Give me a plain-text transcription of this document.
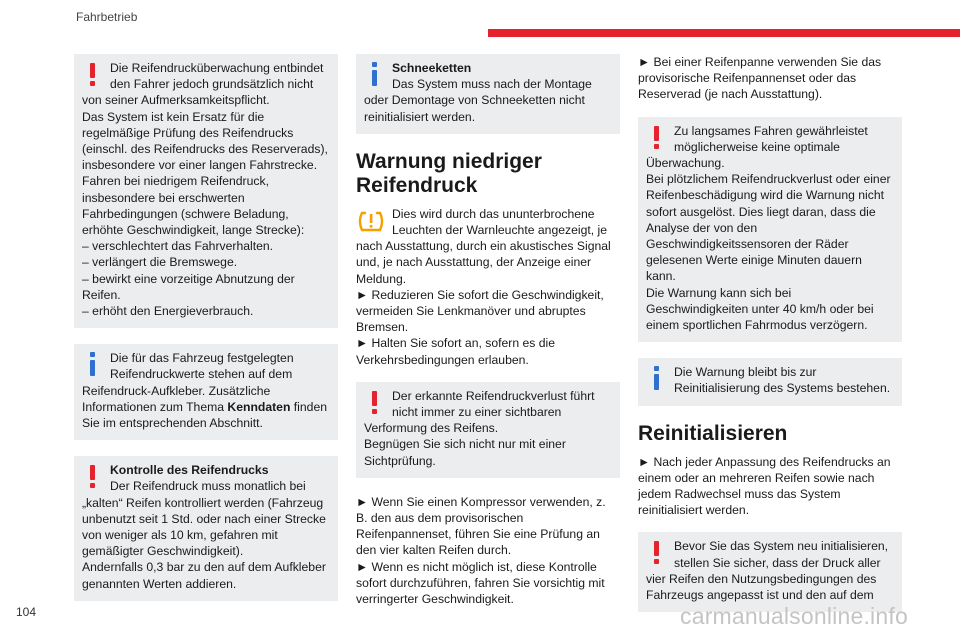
Fahrbetrieb

Die Reifendrucküberwachung entbindet den Fahrer jedoch grundsätzlich nicht von seiner Aufmerksamkeitspflicht.

Das System ist kein Ersatz für die regelmäßige Prüfung des Reifendrucks (einschl. des Reifendrucks des Reserverads), insbesondere vor einer langen Fahrstrecke.

Fahren bei niedrigem Reifendruck, insbesondere bei erschwerten Fahrbedingungen (schwere Beladung, erhöhte Geschwindigkeit, lange Strecke):

– verschlechtert das Fahrverhalten.

– verlängert die Bremswege.

– bewirkt eine vorzeitige Abnutzung der Reifen.

– erhöht den Energieverbrauch.

Die für das Fahrzeug festgelegten Reifendruckwerte stehen auf dem Reifendruck-Aufkleber. Zusätzliche Informationen zum Thema Kenndaten finden Sie im entsprechenden Abschnitt.

Kontrolle des Reifendrucks

Der Reifendruck muss monatlich bei „kalten“ Reifen kontrolliert werden (Fahrzeug unbenutzt seit 1 Std. oder nach einer Strecke von weniger als 10 km, gefahren mit gemäßigter Geschwindigkeit).

Andernfalls 0,3 bar zu den auf dem Aufkleber genannten Werten addieren.

Schneeketten

Das System muss nach der Montage oder Demontage von Schneeketten nicht reinitialisiert werden.

Warnung niedriger Reifendruck
Dies wird durch das ununterbrochene Leuchten der Warnleuchte angezeigt, je nach Ausstattung, durch ein akustisches Signal und, je nach Ausstattung, der Anzeige einer Meldung.

► Reduzieren Sie sofort die Geschwindigkeit, vermeiden Sie Lenkmanöver und abruptes Bremsen.

► Halten Sie sofort an, sofern es die Verkehrsbedingungen erlauben.

Der erkannte Reifendruckverlust führt nicht immer zu einer sichtbaren Verformung des Reifens.

Begnügen Sie sich nicht nur mit einer Sichtprüfung.

► Wenn Sie einen Kompressor verwenden, z. B. den aus dem provisorischen Reifenpannenset, führen Sie eine Prüfung an den vier kalten Reifen durch.

► Wenn es nicht möglich ist, diese Kontrolle sofort durchzuführen, fahren Sie vorsichtig mit verringerter Geschwindigkeit.

► Bei einer Reifenpanne verwenden Sie das provisorische Reifenpannenset oder das Reserverad (je nach Ausstattung).

Zu langsames Fahren gewährleistet möglicherweise keine optimale Überwachung.

Bei plötzlichem Reifendruckverlust oder einer Reifenbeschädigung wird die Warnung nicht sofort ausgelöst. Dies liegt daran, dass die Analyse der von den Geschwindigkeitssensoren der Räder gelesenen Werte einige Minuten dauern kann.

Die Warnung kann sich bei Geschwindigkeiten unter 40 km/h oder bei einem sportlichen Fahrmodus verzögern.

Die Warnung bleibt bis zur Reinitialisierung des Systems bestehen.

Reinitialisieren

► Nach jeder Anpassung des Reifendrucks an einem oder an mehreren Reifen sowie nach jedem Radwechsel muss das System reinitialisiert werden.

Bevor Sie das System neu initialisieren, stellen Sie sicher, dass der Druck aller vier Reifen den Nutzungsbedingungen des Fahrzeugs angepasst ist und den auf dem

104	carmanualsonline.info
